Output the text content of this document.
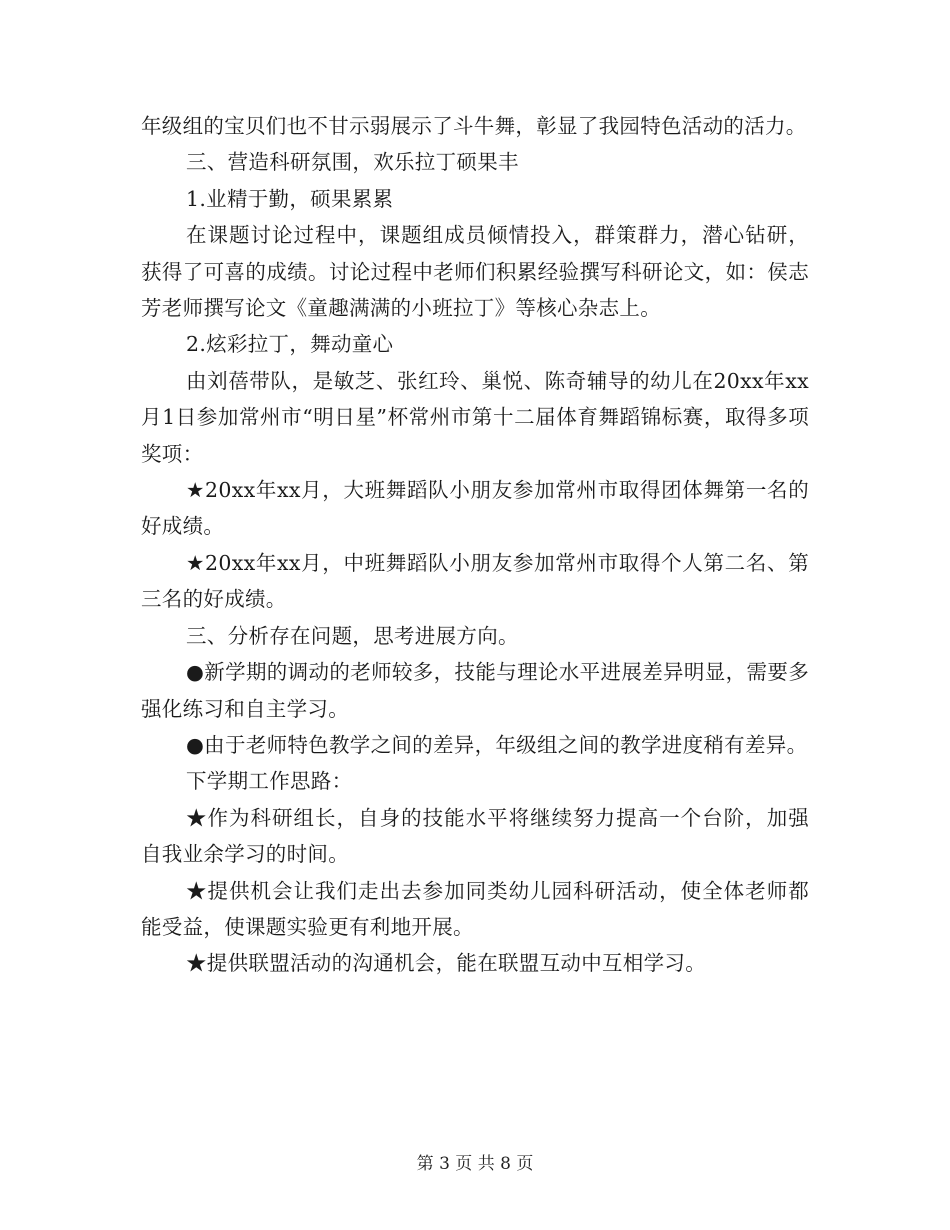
年级组的宝贝们也不甘示弱展示了斗牛舞，彰显了我园特色活动的活力。

三、营造科研氛围，欢乐拉丁硕果丰

1.业精于勤，硕果累累

在课题讨论过程中，课题组成员倾情投入，群策群力，潜心钻研，获得了可喜的成绩。讨论过程中老师们积累经验撰写科研论文，如：侯志芳老师撰写论文《童趣满满的小班拉丁》等核心杂志上。

2.炫彩拉丁，舞动童心

由刘蓓带队，是敏芝、张红玲、巢悦、陈奇辅导的幼儿在20xx年xx月1日参加常州市“明日星”杯常州市第十二届体育舞蹈锦标赛，取得多项奖项：

★20xx年xx月，大班舞蹈队小朋友参加常州市取得团体舞第一名的好成绩。

★20xx年xx月，中班舞蹈队小朋友参加常州市取得个人第二名、第三名的好成绩。

三、分析存在问题，思考进展方向。

●新学期的调动的老师较多，技能与理论水平进展差异明显，需要多强化练习和自主学习。

●由于老师特色教学之间的差异，年级组之间的教学进度稍有差异。

下学期工作思路：

★作为科研组长，自身的技能水平将继续努力提高一个台阶，加强自我业余学习的时间。

★提供机会让我们走出去参加同类幼儿园科研活动，使全体老师都能受益，使课题实验更有利地开展。

★提供联盟活动的沟通机会，能在联盟互动中互相学习。

第 3 页 共 8 页
